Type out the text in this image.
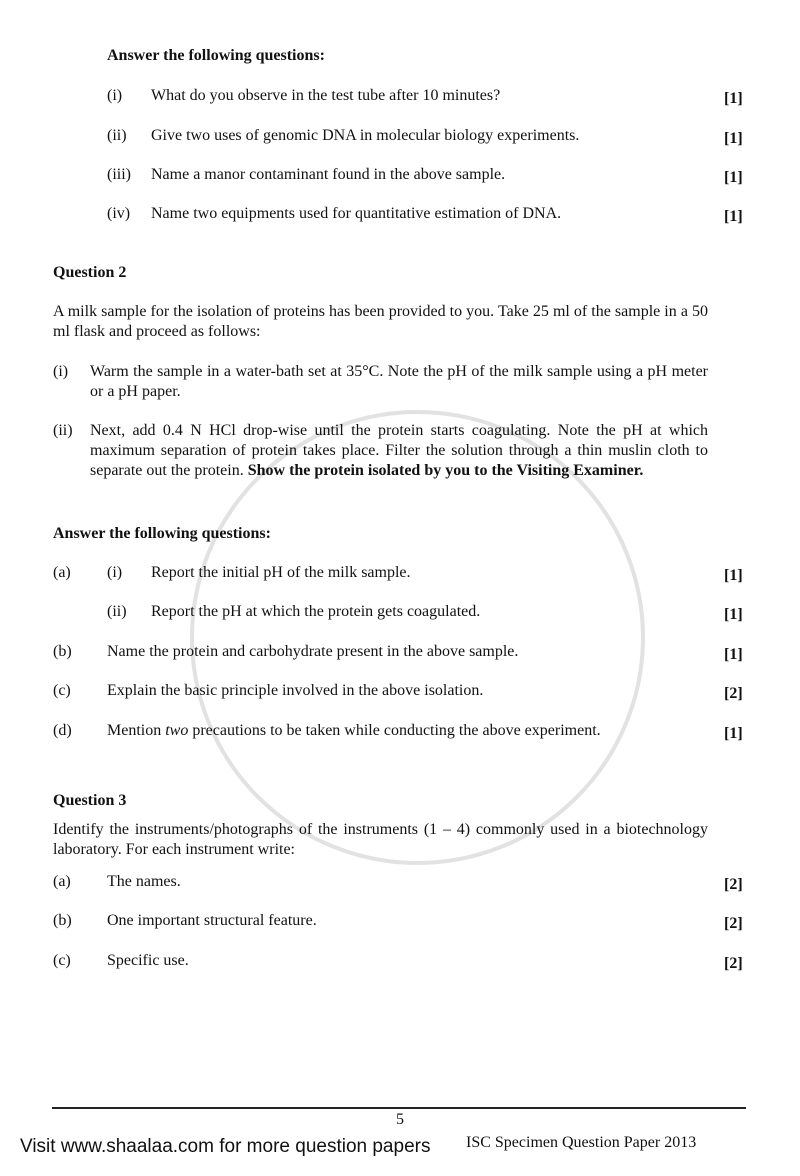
Answer the following questions:
(i) What do you observe in the test tube after 10 minutes?	[1]
(ii) Give two uses of genomic DNA in molecular biology experiments.	[1]
(iii) Name a manor contaminant found in the above sample.	[1]
(iv) Name two equipments used for quantitative estimation of DNA.	[1]
Question 2
A milk sample for the isolation of proteins has been provided to you. Take 25 ml of the sample in a 50 ml flask and proceed as follows:
(i) Warm the sample in a water-bath set at 35°C. Note the pH of the milk sample using a pH meter or a pH paper.
(ii) Next, add 0.4 N HCl drop-wise until the protein starts coagulating. Note the pH at which maximum separation of protein takes place. Filter the solution through a thin muslin cloth to separate out the protein. Show the protein isolated by you to the Visiting Examiner.
Answer the following questions:
(a) (i) Report the initial pH of the milk sample.	[1]
(ii) Report the pH at which the protein gets coagulated.	[1]
(b) Name the protein and carbohydrate present in the above sample.	[1]
(c) Explain the basic principle involved in the above isolation.	[2]
(d) Mention two precautions to be taken while conducting the above experiment.	[1]
Question 3
Identify the instruments/photographs of the instruments (1 – 4) commonly used in a biotechnology laboratory. For each instrument write:
(a) The names.	[2]
(b) One important structural feature.	[2]
(c) Specific use.	[2]
5
Visit www.shaalaa.com for more question papers ISC Specimen Question Paper 2013
